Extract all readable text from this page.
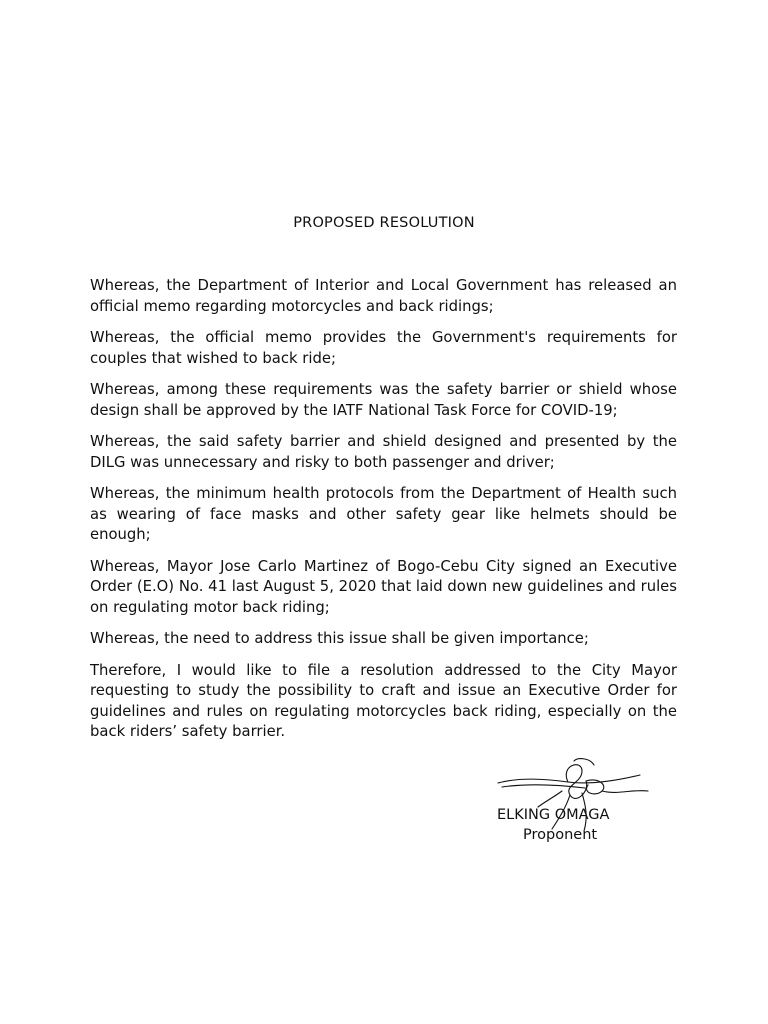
PROPOSED RESOLUTION

Whereas, the Department of Interior and Local Government has released an official memo regarding motorcycles and back ridings;

Whereas, the official memo provides the Government's requirements for couples that wished to back ride;

Whereas, among these requirements was the safety barrier or shield whose design shall be approved by the IATF National Task Force for COVID-19;

Whereas, the said safety barrier and shield designed and presented by the DILG was unnecessary and risky to both passenger and driver;

Whereas, the minimum health protocols from the Department of Health such as wearing of face masks and other safety gear like helmets should be enough;

Whereas, Mayor Jose Carlo Martinez of Bogo-Cebu City signed an Executive Order (E.O) No. 41 last August 5, 2020 that laid down new guidelines and rules on regulating motor back riding;

Whereas, the need to address this issue shall be given importance;

Therefore, I would like to file a resolution addressed to the City Mayor requesting to study the possibility to craft and issue an Executive Order for guidelines and rules on regulating motorcycles back riding, especially on the back riders’ safety barrier.

ELKING OMAGA

Proponent
